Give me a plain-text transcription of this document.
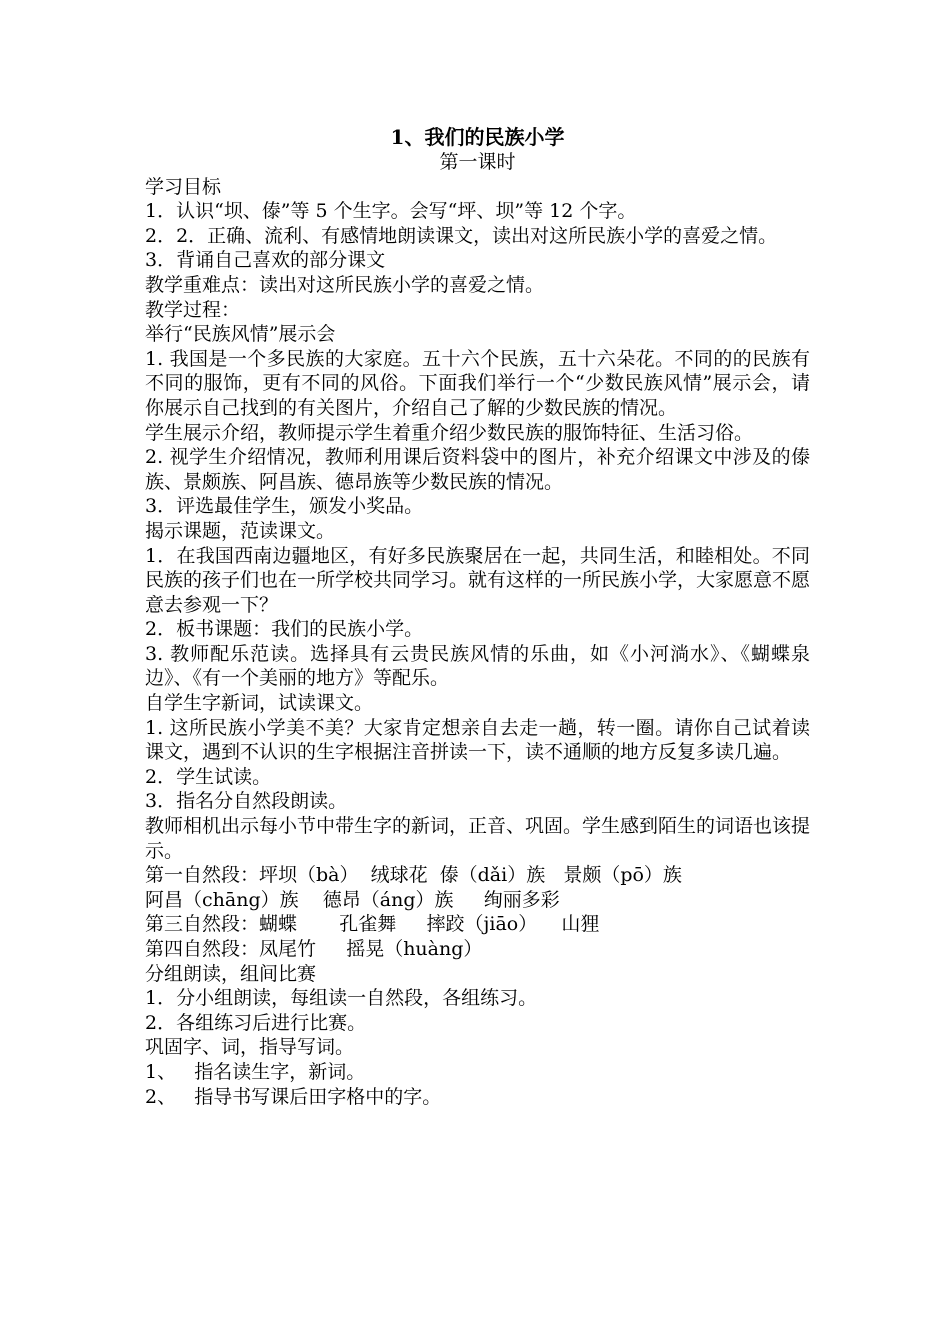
1、我们的民族小学
第一课时

学习目标

1．认识“坝、傣”等 5 个生字。会写“坪、坝”等 12 个字。

2．2．正确、流利、有感情地朗读课文，读出对这所民族小学的喜爱之情。

3．背诵自己喜欢的部分课文

教学重难点：读出对这所民族小学的喜爱之情。

教学过程：

举行“民族风情”展示会

1. 我国是一个多民族的大家庭。五十六个民族，五十六朵花。不同的的民族有不同的服饰，更有不同的风俗。下面我们举行一个“少数民族风情”展示会，请你展示自己找到的有关图片，介绍自己了解的少数民族的情况。

学生展示介绍，教师提示学生着重介绍少数民族的服饰特征、生活习俗。

2. 视学生介绍情况，教师利用课后资料袋中的图片，补充介绍课文中涉及的傣族、景颇族、阿昌族、德昂族等少数民族的情况。

3．评选最佳学生，颁发小奖品。

揭示课题，范读课文。

1．在我国西南边疆地区，有好多民族聚居在一起，共同生活，和睦相处。不同民族的孩子们也在一所学校共同学习。就有这样的一所民族小学，大家愿意不愿意去参观一下？

2．板书课题：我们的民族小学。

3. 教师配乐范读。选择具有云贵民族风情的乐曲，如《小河淌水》、《蝴蝶泉边》、《有一个美丽的地方》等配乐。

自学生字新词，试读课文。

1. 这所民族小学美不美？大家肯定想亲自去走一趟，转一圈。请你自己试着读课文，遇到不认识的生字根据注音拼读一下，读不通顺的地方反复多读几遍。

2．学生试读。

3．指名分自然段朗读。

教师相机出示每小节中带生字的新词，正音、巩固。学生感到陌生的词语也该提示。

第一自然段：坪坝（bà）  绒球花  傣（dǎi）族   景颇（pō）族

阿昌（chāng）族    德昂（áng）族     绚丽多彩

第三自然段：蝴蝶       孔雀舞     摔跤（jiāo）    山狸

第四自然段：凤尾竹     摇晃（huàng）

分组朗读，组间比赛

1．分小组朗读，每组读一自然段，各组练习。

2．各组练习后进行比赛。

巩固字、词，指导写词。

1、   指名读生字，新词。

2、   指导书写课后田字格中的字。
